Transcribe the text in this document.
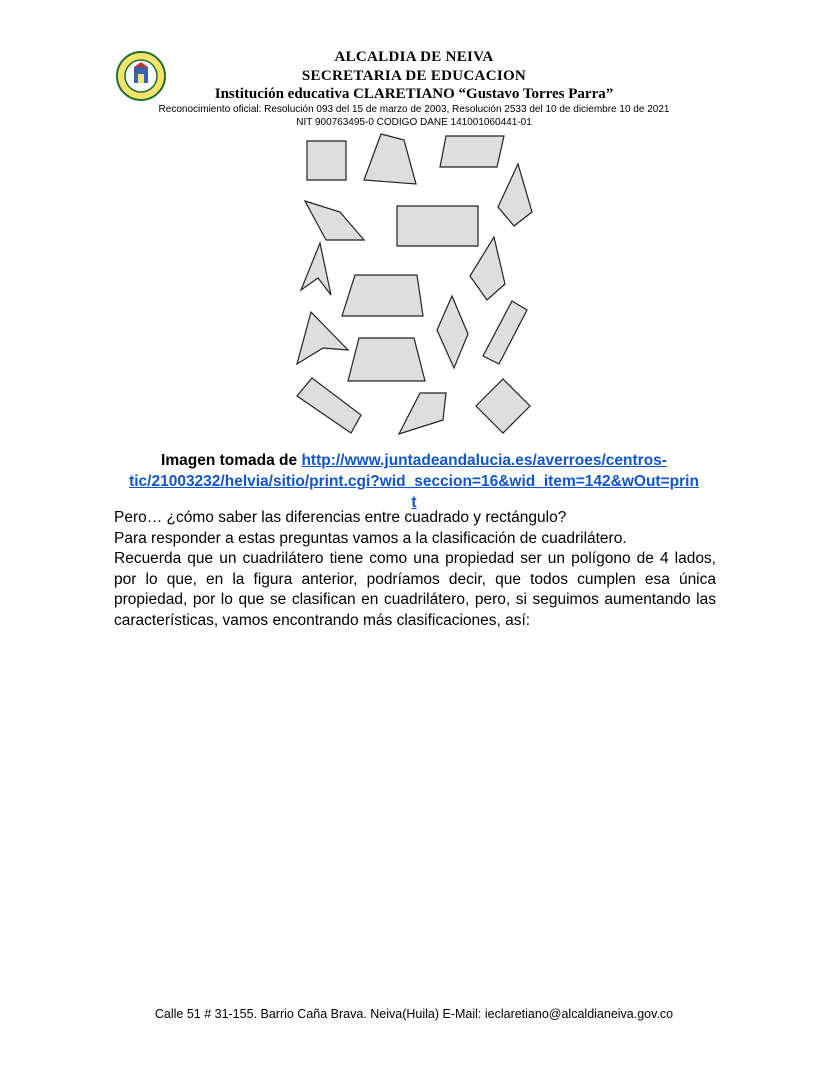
ALCALDIA DE NEIVA
SECRETARIA DE EDUCACION
Institución educativa CLARETIANO “Gustavo Torres Parra”
Reconocimiento oficial: Resolución 093 del 15 de marzo de 2003, Resolución 2533 del 10 de diciembre 10 de 2021
NIT 900763495-0 CODIGO DANE 141001060441-01
Imagen tomada de http://www.juntadeandalucia.es/averroes/centros-
tic/21003232/helvia/sitio/print.cgi?wid_seccion=16&wid_item=142&wOut=prin
t

Pero… ¿cómo saber las diferencias entre cuadrado y rectángulo?

Para responder a estas preguntas vamos a la clasificación de cuadrilátero.

Recuerda que un cuadrilátero tiene como una propiedad ser un polígono de 4 lados, por lo que, en la figura anterior, podríamos decir, que todos cumplen esa única propiedad, por lo que se clasifican en cuadrilátero, pero, si seguimos aumentando las características, vamos encontrando más clasificaciones, así:

Calle 51 # 31-155. Barrio Caña Brava. Neiva(Huila) E-Mail: ieclaretiano@alcaldianeiva.gov.co
